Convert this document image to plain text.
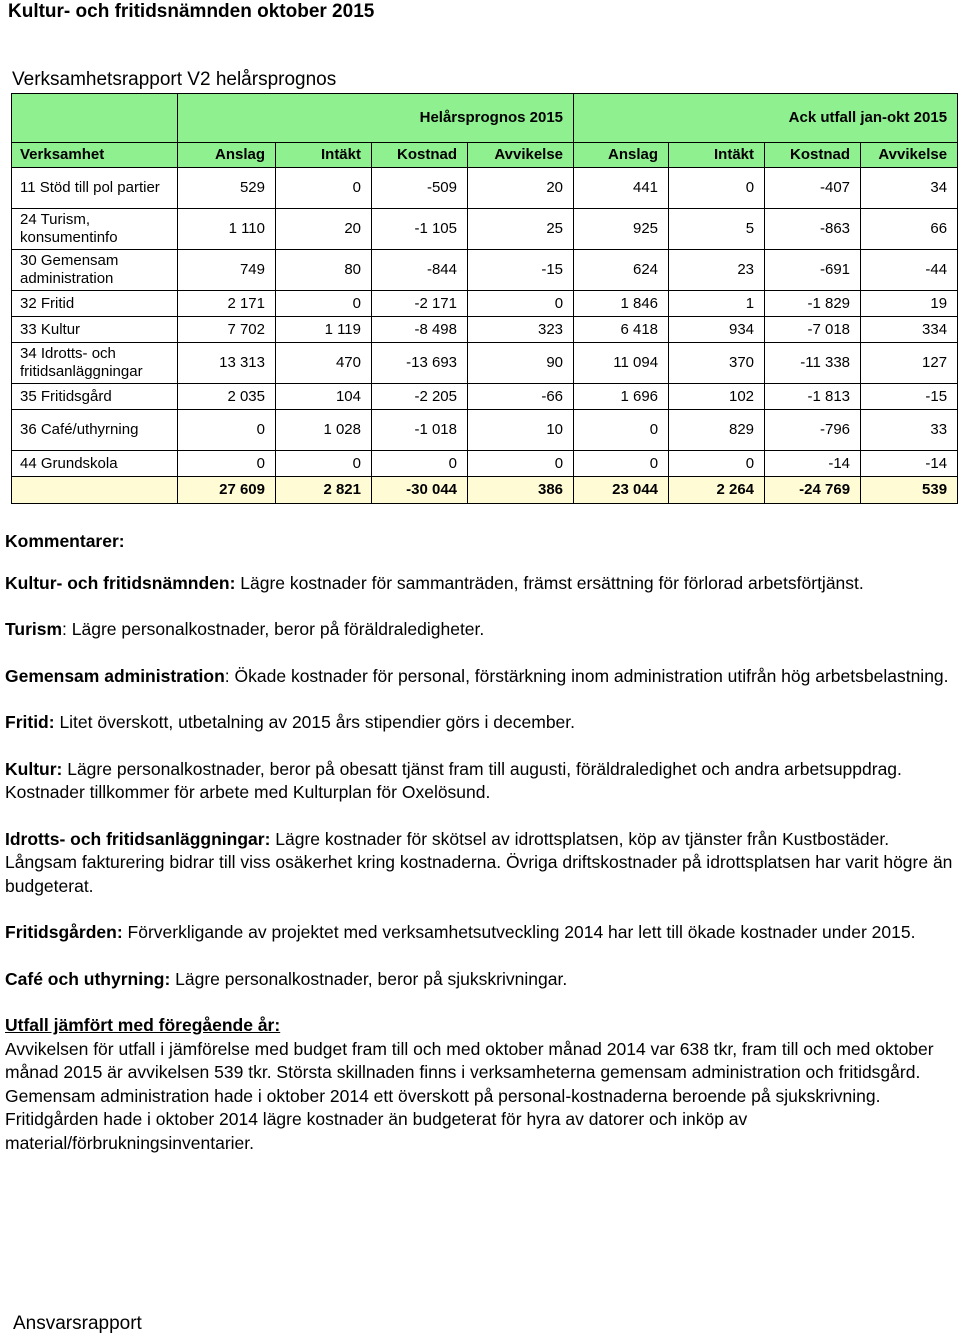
Kultur- och fritidsnämnden oktober 2015
Verksamhetsrapport V2 helårsprognos
	Helårsprognos 2015				Ack utfall jan-okt 2015			
Verksamhet	Anslag	Intäkt	Kostnad	Avvikelse	Anslag	Intäkt	Kostnad	Avvikelse
11 Stöd till pol partier	529	0	-509	20	441	0	-407	34
24 Turism, konsumentinfo	1 110	20	-1 105	25	925	5	-863	66
30 Gemensam administration	749	80	-844	-15	624	23	-691	-44
32 Fritid	2 171	0	-2 171	0	1 846	1	-1 829	19
33 Kultur	7 702	1 119	-8 498	323	6 418	934	-7 018	334
34 Idrotts- och fritidsanläggningar	13 313	470	-13 693	90	11 094	370	-11 338	127
35 Fritidsgård	2 035	104	-2 205	-66	1 696	102	-1 813	-15
36 Café/uthyrning	0	1 028	-1 018	10	0	829	-796	33
44 Grundskola	0	0	0	0	0	0	-14	-14
	27 609	2 821	-30 044	386	23 044	2 264	-24 769	539

Kommentarer:

Kultur- och fritidsnämnden: Lägre kostnader för sammanträden, främst ersättning för förlorad arbetsförtjänst.

Turism: Lägre personalkostnader, beror på föräldraledigheter.

Gemensam administration: Ökade kostnader för personal, förstärkning inom administration utifrån hög arbetsbelastning.

Fritid: Litet överskott, utbetalning av 2015 års stipendier görs i december.

Kultur: Lägre personalkostnader, beror på obesatt tjänst fram till augusti, föräldraledighet och andra arbetsuppdrag. Kostnader tillkommer för arbete med Kulturplan för Oxelösund.

Idrotts- och fritidsanläggningar: Lägre kostnader för skötsel av idrottsplatsen, köp av tjänster från Kustbostäder. Långsam fakturering bidrar till viss osäkerhet kring kostnaderna. Övriga driftskostnader på idrottsplatsen har varit högre än budgeterat.

Fritidsgården: Förverkligande av projektet med verksamhetsutveckling 2014 har lett till ökade kostnader under 2015.

Café och uthyrning: Lägre personalkostnader, beror på sjukskrivningar.

Utfall jämfört med föregående år:

Avvikelsen för utfall i jämförelse med budget fram till och med oktober månad 2014 var 638 tkr, fram till och med oktober månad 2015 är avvikelsen 539 tkr. Största skillnaden finns i verksamheterna gemensam administration och fritidsgård. Gemensam administration hade i oktober 2014 ett överskott på personal-kostnaderna beroende på sjukskrivning. Fritidgården hade i oktober 2014 lägre kostnader än budgeterat för hyra av datorer och inköp av material/förbrukningsinventarier.

Ansvarsrapport
